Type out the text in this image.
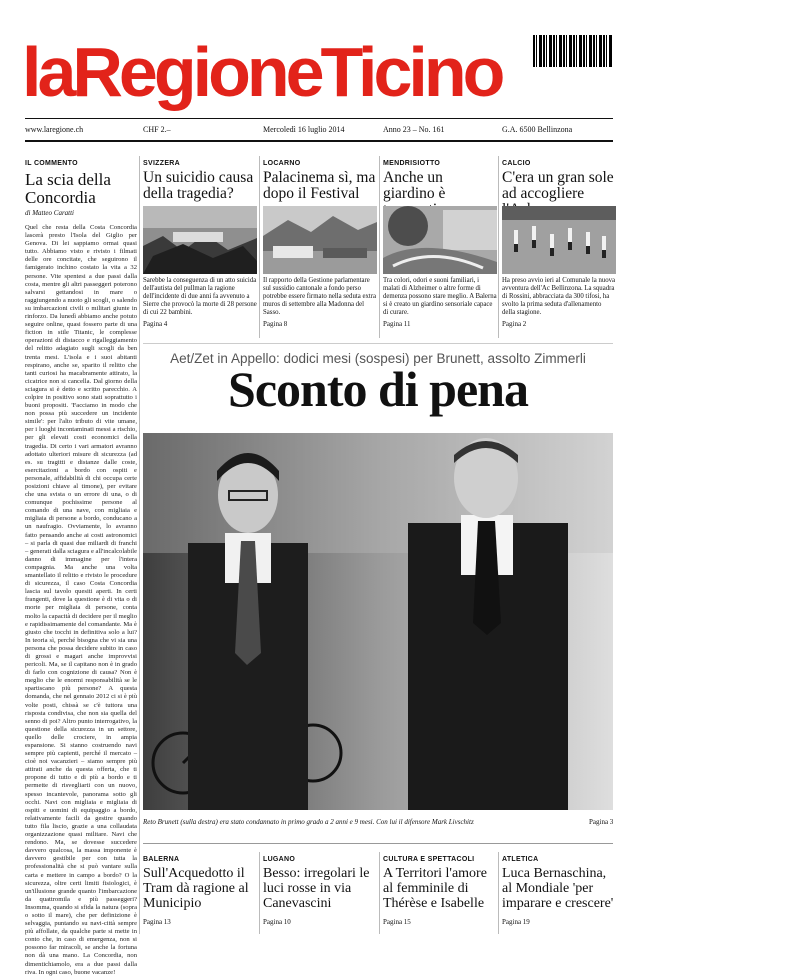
laRegioneTicino
www.laregione.ch	CHF 2.–	Mercoledì 16 luglio 2014	Anno 23 – No. 161	G.A. 6500 Bellinzona
IL COMMENTO
La scia della Concordia
di Matteo Caratti

Quel che resta della Costa Concordia lascerà presto l'Isola del Giglio per Genova. Di lei sappiamo ormai quasi tutto. Abbiamo visto e rivisto i filmati delle ore concitate, che seguirono il famigerato inchino costato la vita a 32 persone. Vite spentesi a due passi dalla costa, mentre gli altri passeggeri poterono salvarsi gettandosi in mare o raggiungendo a nuoto gli scogli, o salendo su imbarcazioni civili o militari giunte in rinforzo. Da lunedì abbiamo anche potuto seguire online, quasi fossero parte di una fiction in stile Titanic, le complesse operazioni di distacco e rigalleggiamento del relitto adagiato sugli scogli da ben trenta mesi. L'isola e i suoi abitanti respirano, anche se, sparito il relitto che tanti curiosi ha macabramente attirato, la cicatrice non si cancella. Dal giorno della sciagura si è detto e scritto parecchio. A colpire in positivo sono stati soprattutto i buoni propositi. 'Facciamo in modo che non possa più succedere un incidente simile': per l'alto tributo di vite umane, per i luoghi incontaminati messi a rischio, per gli elevati costi economici della tragedia. Di certo i vari armatori avranno adottato ulteriori misure di sicurezza (ad es. su tragitti e distanze dalle coste, esercitazioni a bordo con ospiti e personale, affidabilità di chi occupa certe posizioni chiave al timone), per evitare che una svista o un errore di una, o di comunque pochissime persone al comando di una nave, con migliaia e migliaia di persone a bordo, conducano a un naufragio. Ovviamente, lo avranno fatto pensando anche ai costi astronomici – si parla di quasi due miliardi di franchi – generati dalla sciagura e all'incalcolabile danno di immagine per l'intera compagnia. Ma anche una volta smantellato il relitto e rivisto le procedure di sicurezza, il caso Costa Concordia lascia sul tavolo quesiti aperti. In certi frangenti, dove la questione è di vita o di morte per migliaia di persone, conta molto la capacità di decidere per il meglio e rapidissimamente del comandante. Ma è giusto che tocchi in definitiva solo a lui? In teoria sì, perché bisogna che vi sia una persona che possa decidere subito in caso di grossi e magari anche improvvisi pericoli. Ma, se il capitano non è in grado di farlo con cognizione di causa? Non è meglio che le enormi responsabilità se le spartiscano più persone? A questa domanda, che nel gennaio 2012 ci si è più volte posti, chissà se c'è tuttora una risposta condivisa, che non sia quella del senno di poi? Altro punto interrogativo, la questione della sicurezza in un settore, quello delle crociere, in ampia espansione. Si stanno costruendo navi sempre più capienti, perché il mercato – cioè noi vacanzieri – siamo sempre più attirati anche da questa offerta, che ti propone di tutto e di più a bordo e ti permette di risvegliarti con un nuovo, spesso incantevole, panorama sotto gli occhi. Navi con migliaia e migliaia di ospiti e uomini di equipaggio a bordo, relativamente facili da gestire quando tutto fila liscio, grazie a una collaudata organizzazione quasi militare. Navi che rendono. Ma, se dovesse succedere davvero qualcosa, la massa imponente è davvero gestibile per con tutta la professionalità che si può vantare sulla carta e mettere in campo a bordo? O la sicurezza, oltre certi limiti fisiologici, è un'illusione grande quanto l'imbarcazione da quattromila e più passeggeri? Insomma, quando si sfida la natura (sopra o sotto il mare), che per definizione è selvaggia, puntando su navi-città sempre più affollate, da qualche parte si mette in conto che, in caso di emergenza, non si possono far miracoli, se anche la fortuna non dà una mano. La Concordia, non dimentichiamolo, era a due passi dalla riva. In ogni caso, buone vacanze!

SVIZZERA
Un suicidio causa della tragedia?

Sarebbe la conseguenza di un atto suicida dell'autista del pullman la ragione dell'incidente di due anni fa avvenuto a Sierre che provocò la morte di 28 persone di cui 22 bambini.

Pagina 4
LOCARNO
Palacinema sì, ma dopo il Festival

Il rapporto della Gestione parlamentare sul sussidio cantonale a fondo perso potrebbe essere firmato nella seduta extra muros di settembre alla Madonna del Sasso.

Pagina 8
MENDRISIOTTO
Anche un giardino è

Tra colori, odori e suoni familiari, i malati di Alzheimer o altre forme di demenza possono stare meglio. A Balerna si è creato un giardino sensoriale capace di curare.

Pagina 11
CALCIO
C'era un gran sole ad accogliere

Ha preso avvio ieri al Comunale la nuova avventura dell'Ac Bellinzona. La squadra di Rossini, abbracciata da 300 tifosi, ha svolto la prima seduta d'allenamento della stagione.

Pagina 2
Aet/Zet in Appello: dodici mesi (sospesi) per Brunett, assolto Zimmerli
Sconto di pena
Reto Brunett (sulla destra) era stato condannato in primo grado a 2 anni e 9 mesi. Con lui il difensore Mark Livschitz	Pagina 3
BALERNA
Sull'Acquedotto il Tram dà ragione al Municipio
Pagina 13
LUGANO
Besso: irregolari le luci rosse in via Canevascini
Pagina 10
CULTURA E SPETTACOLI
A Territori l'amore al femminile di Thérèse e Isabelle
Pagina 15
ATLETICA
Luca Bernaschina, al Mondiale 'per imparare e crescere'
Pagina 19
